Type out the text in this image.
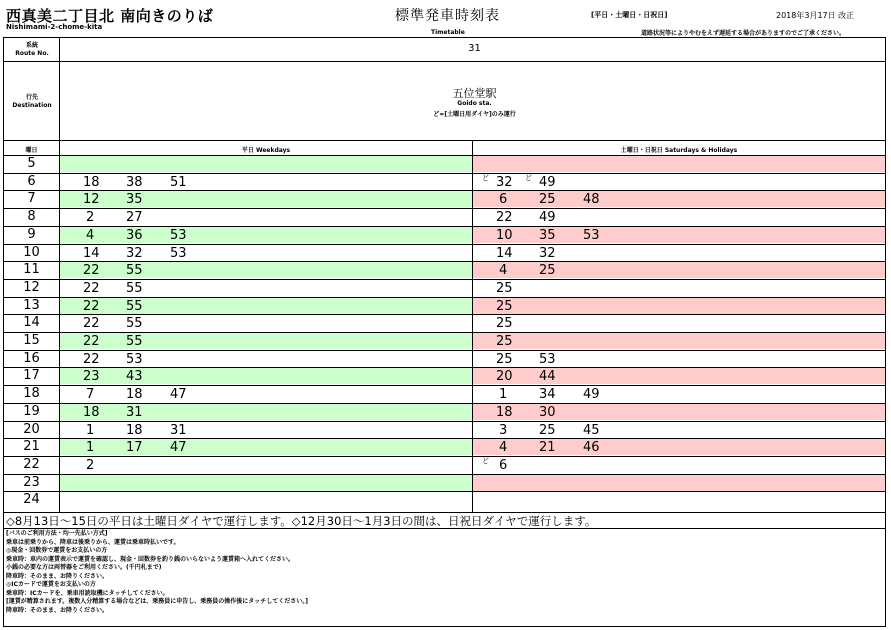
西真美二丁目北 南向きのりば
Nishimami-2-chome-kita
標準発車時刻表
Timetable
[平日・土曜日・日祝日]	2018年3月17日 改正
道路状況等によりやむをえず遅延する場合がありますのでご了承ください。
系統
Route No.	31
行先
Destination
五位堂駅
Goido sta.
ど=[土曜日用ダイヤ]のみ運行
曜日	平日 Weekdays	土曜日・日祝日 Saturdays & Holidays
5
6	18 38 51	ど 32 ど 49
7	12 35	6 25 48
8	2 27	22 49
9	4 36 53	10 35 53
10	14 32 53	14 32
11	22 55	4 25
12	22 55	25
13	22 55	25
14	22 55	25
15	22 55	25
16	22 53	25 53
17	23 43	20 44
18	7 18 47	1 34 49
19	18 31	18 30
20	1 18 31	3 25 45
21	1 17 47	4 21 46
22	2	ど 6
23
24
◇8月13日～15日の平日は土曜日ダイヤで運行します。◇12月30日～1月3日の間は、日祝日ダイヤで運行します。
[バスのご利用方法・均一先払い方式]
乗車は前乗りから、降車は後乗りから、運賃は乗車時払いです。
◎現金・回数券で運賃をお支払いの方
乗車時：車内の運賃表示で運賃を確認し、現金・回数券を釣り銭のいらないよう運賃箱へ入れてください。
小銭の必要な方は両替器をご利用ください。(千円札まで)
降車時：そのまま、お降りください。
◎ICカードで運賃をお支払いの方
乗車時：ICカードを、乗車用読取機にタッチしてください。
[運賃が精算されます。複数人分精算する場合などは、乗務員に申告し、乗務員の操作後にタッチしてください。]
降車時：そのまま、お降りください。
